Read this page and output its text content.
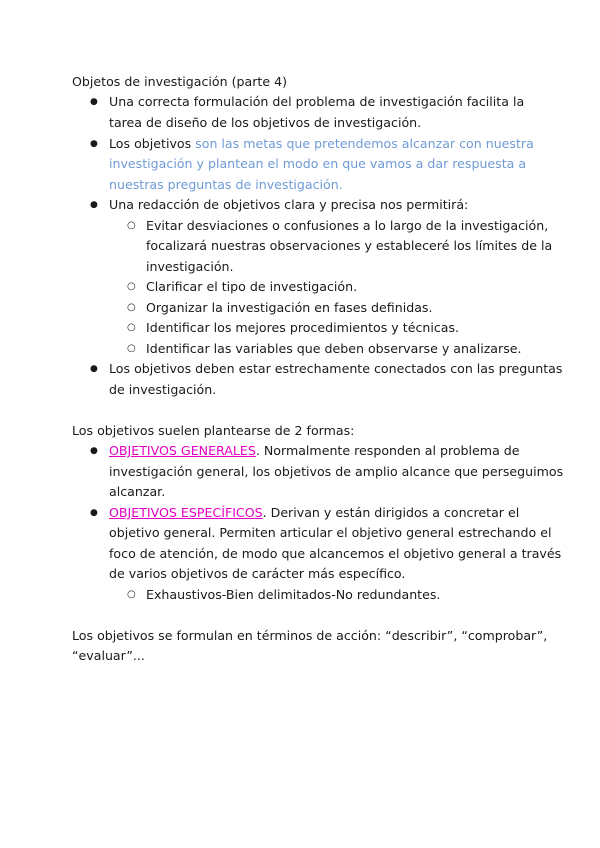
Objetos de investigación (parte 4)
● Una correcta formulación del problema de investigación facilita la
tarea de diseño de los objetivos de investigación.
● Los objetivos son las metas que pretendemos alcanzar con nuestra
investigación y plantean el modo en que vamos a dar respuesta a
nuestras preguntas de investigación.
● Una redacción de objetivos clara y precisa nos permitirá:
○ Evitar desviaciones o confusiones a lo largo de la investigación,
focalizará nuestras observaciones y estableceré los límites de la
investigación.
○ Clarificar el tipo de investigación.
○ Organizar la investigación en fases definidas.
○ Identificar los mejores procedimientos y técnicas.
○ Identificar las variables que deben observarse y analizarse.
● Los objetivos deben estar estrechamente conectados con las preguntas
de investigación.
Los objetivos suelen plantearse de 2 formas:
● OBJETIVOS GENERALES. Normalmente responden al problema de
investigación general, los objetivos de amplio alcance que perseguimos
alcanzar.
● OBJETIVOS ESPECÍFICOS. Derivan y están dirigidos a concretar el
objetivo general. Permiten articular el objetivo general estrechando el
foco de atención, de modo que alcancemos el objetivo general a través
de varios objetivos de carácter más específico.
○ Exhaustivos-Bien delimitados-No redundantes.
Los objetivos se formulan en términos de acción: “describir”, “comprobar”,
“evaluar”...
